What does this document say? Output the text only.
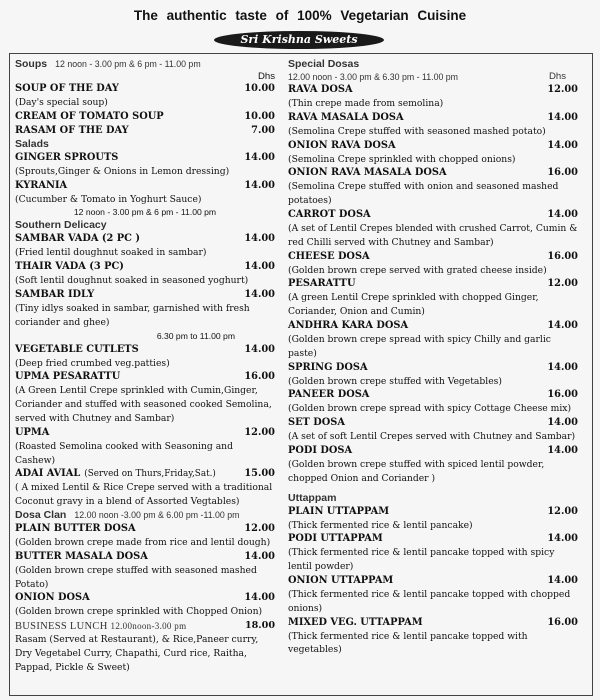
The authentic taste of 100% Vegetarian Cuisine
Sri Krishna Sweets
Soups 12 noon - 3.00 pm & 6 pm - 11.00 pm
Dhs
SOUP OF THE DAY	10.00
(Day's special soup)
CREAM OF TOMATO SOUP	10.00
RASAM OF THE DAY	7.00
Salads
GINGER SPROUTS	14.00
(Sprouts,Ginger & Onions in Lemon dressing)
KYRANIA	14.00
(Cucumber & Tomato in Yoghurt Sauce)
12 noon - 3.00 pm & 6 pm - 11.00 pm
Southern Delicacy
SAMBAR VADA (2 PC )	14.00
(Fried lentil doughnut soaked in sambar)
THAIR VADA (3 PC)	14.00
(Soft lentil doughnut soaked in seasoned yoghurt)
SAMBAR IDLY	14.00
(Tiny idlys soaked in sambar, garnished with fresh coriander and ghee)
6.30 pm to 11.00 pm
VEGETABLE CUTLETS	14.00
(Deep fried crumbed veg.patties)
UPMA PESARATTU	16.00
(A Green Lentil Crepe sprinkled with Cumin,Ginger, Coriander and stuffed with seasoned cooked Semolina, served with Chutney and Sambar)
UPMA	12.00
(Roasted Semolina cooked with Seasoning and Cashew)
ADAI AVIAL (Served on Thurs,Friday,Sat.)	15.00
( A mixed Lentil & Rice Crepe served with a traditional Coconut gravy in a blend of Assorted Vegtables)
Dosa Clan 12.00 noon -3.00 pm & 6.00 pm -11.00 pm
PLAIN BUTTER DOSA	12.00
(Golden brown crepe made from rice and lentil dough)
BUTTER MASALA DOSA	14.00
(Golden brown crepe stuffed with seasoned mashed Potato)
ONION DOSA	14.00
(Golden brown crepe sprinkled with Chopped Onion)
BUSINESS LUNCH 12.00noon-3.00 pm	18.00
Rasam (Served at Restaurant), & Rice,Paneer curry, Dry Vegetabel Curry, Chapathi, Curd rice, Raitha, Pappad, Pickle & Sweet)
Special Dosas
12.00 noon - 3.00 pm & 6.30 pm - 11.00 pm	Dhs
RAVA DOSA	12.00
(Thin crepe made from semolina)
RAVA MASALA DOSA	14.00
(Semolina Crepe stuffed with seasoned mashed potato)
ONION RAVA DOSA	14.00
(Semolina Crepe sprinkled with chopped onions)
ONION RAVA MASALA DOSA	16.00
(Semolina Crepe stuffed with onion and seasoned mashed potatoes)
CARROT DOSA	14.00
(A set of Lentil Crepes blended with crushed Carrot, Cumin & red Chilli served with Chutney and Sambar)
CHEESE DOSA	16.00
(Golden brown crepe served with grated cheese inside)
PESARATTU	12.00
(A green Lentil Crepe sprinkled with chopped Ginger, Coriander, Onion and Cumin)
ANDHRA KARA DOSA	14.00
(Golden brown crepe spread with spicy Chilly and garlic paste)
SPRING DOSA	14.00
(Golden brown crepe stuffed with Vegetables)
PANEER DOSA	16.00
(Golden brown crepe spread with spicy Cottage Cheese mix)
SET DOSA	14.00
(A set of soft Lentil Crepes served with Chutney and Sambar)
PODI DOSA	14.00
(Golden brown crepe stuffed with spiced lentil powder, chopped Onion and Coriander )
Uttappam
PLAIN UTTAPPAM	12.00
(Thick fermented rice & lentil pancake)
PODI UTTAPPAM	14.00
(Thick fermented rice & lentil pancake topped with spicy lentil powder)
ONION UTTAPPAM	14.00
(Thick fermented rice & lentil pancake topped with chopped onions)
MIXED VEG. UTTAPPAM	16.00
(Thick fermented rice & lentil pancake topped with vegetables)
